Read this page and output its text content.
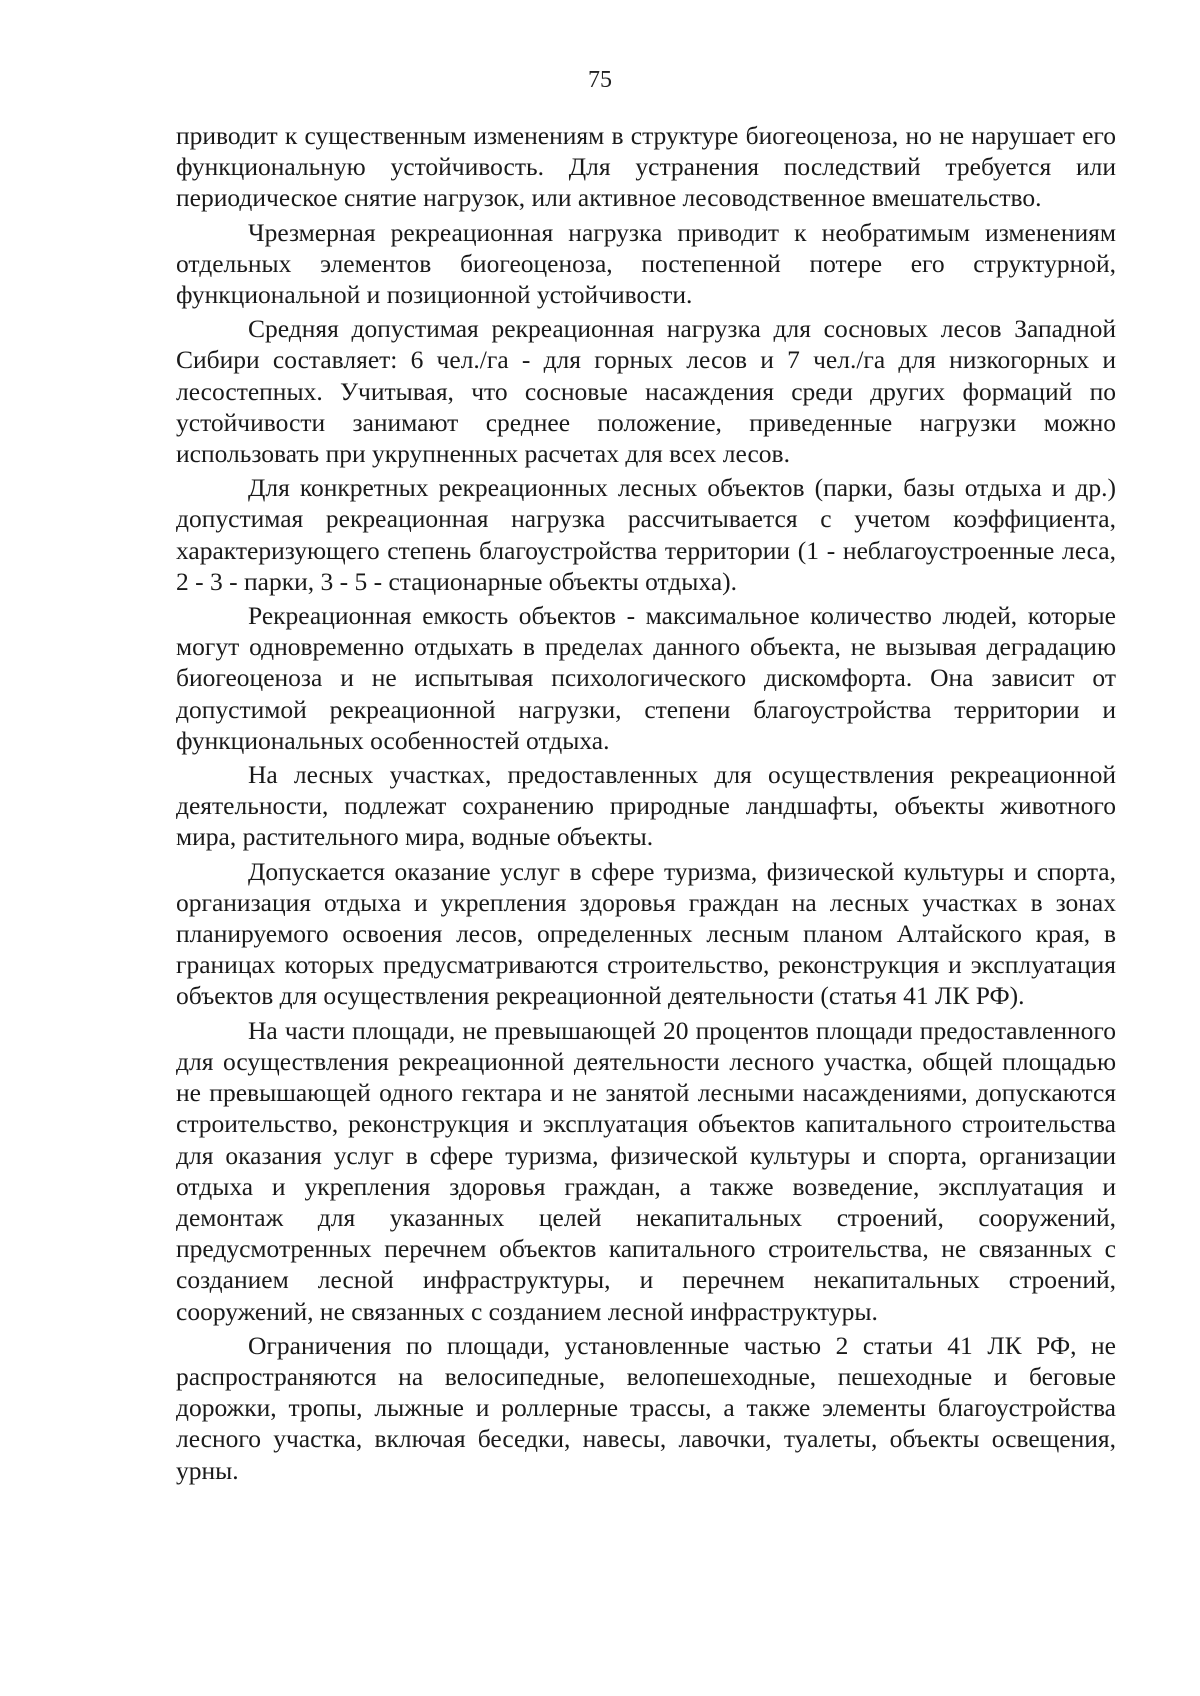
75

приводит к существенным изменениям в структуре биогеоценоза, но не нарушает его функциональную устойчивость. Для устранения последствий требуется или периодическое снятие нагрузок, или активное лесоводственное вмешательство.

Чрезмерная рекреационная нагрузка приводит к необратимым изменениям отдельных элементов биогеоценоза, постепенной потере его структурной, функциональной и позиционной устойчивости.

Средняя допустимая рекреационная нагрузка для сосновых лесов Западной Сибири составляет: 6 чел./га - для горных лесов и 7 чел./га для низкогорных и лесостепных. Учитывая, что сосновые насаждения среди других формаций по устойчивости занимают среднее положение, приведенные нагрузки можно использовать при укрупненных расчетах для всех лесов.

Для конкретных рекреационных лесных объектов (парки, базы отдыха и др.) допустимая рекреационная нагрузка рассчитывается с учетом коэффициента, характеризующего степень благоустройства территории (1 - неблагоустроенные леса, 2 - 3 - парки, 3 - 5 - стационарные объекты отдыха).

Рекреационная емкость объектов - максимальное количество людей, которые могут одновременно отдыхать в пределах данного объекта, не вызывая деградацию биогеоценоза и не испытывая психологического дискомфорта. Она зависит от допустимой рекреационной нагрузки, степени благоустройства территории и функциональных особенностей отдыха.

На лесных участках, предоставленных для осуществления рекреационной деятельности, подлежат сохранению природные ландшафты, объекты животного мира, растительного мира, водные объекты.

Допускается оказание услуг в сфере туризма, физической культуры и спорта, организация отдыха и укрепления здоровья граждан на лесных участках в зонах планируемого освоения лесов, определенных лесным планом Алтайского края, в границах которых предусматриваются строительство, реконструкция и эксплуатация объектов для осуществления рекреационной деятельности (статья 41 ЛК РФ).

На части площади, не превышающей 20 процентов площади предоставленного для осуществления рекреационной деятельности лесного участка, общей площадью не превышающей одного гектара и не занятой лесными насаждениями, допускаются строительство, реконструкция и эксплуатация объектов капитального строительства для оказания услуг в сфере туризма, физической культуры и спорта, организации отдыха и укрепления здоровья граждан, а также возведение, эксплуатация и демонтаж для указанных целей некапитальных строений, сооружений, предусмотренных перечнем объектов капитального строительства, не связанных с созданием лесной инфраструктуры, и перечнем некапитальных строений, сооружений, не связанных с созданием лесной инфраструктуры.

Ограничения по площади, установленные частью 2 статьи 41 ЛК РФ, не распространяются на велосипедные, велопешеходные, пешеходные и беговые дорожки, тропы, лыжные и роллерные трассы, а также элементы благоустройства лесного участка, включая беседки, навесы, лавочки, туалеты, объекты освещения, урны.
